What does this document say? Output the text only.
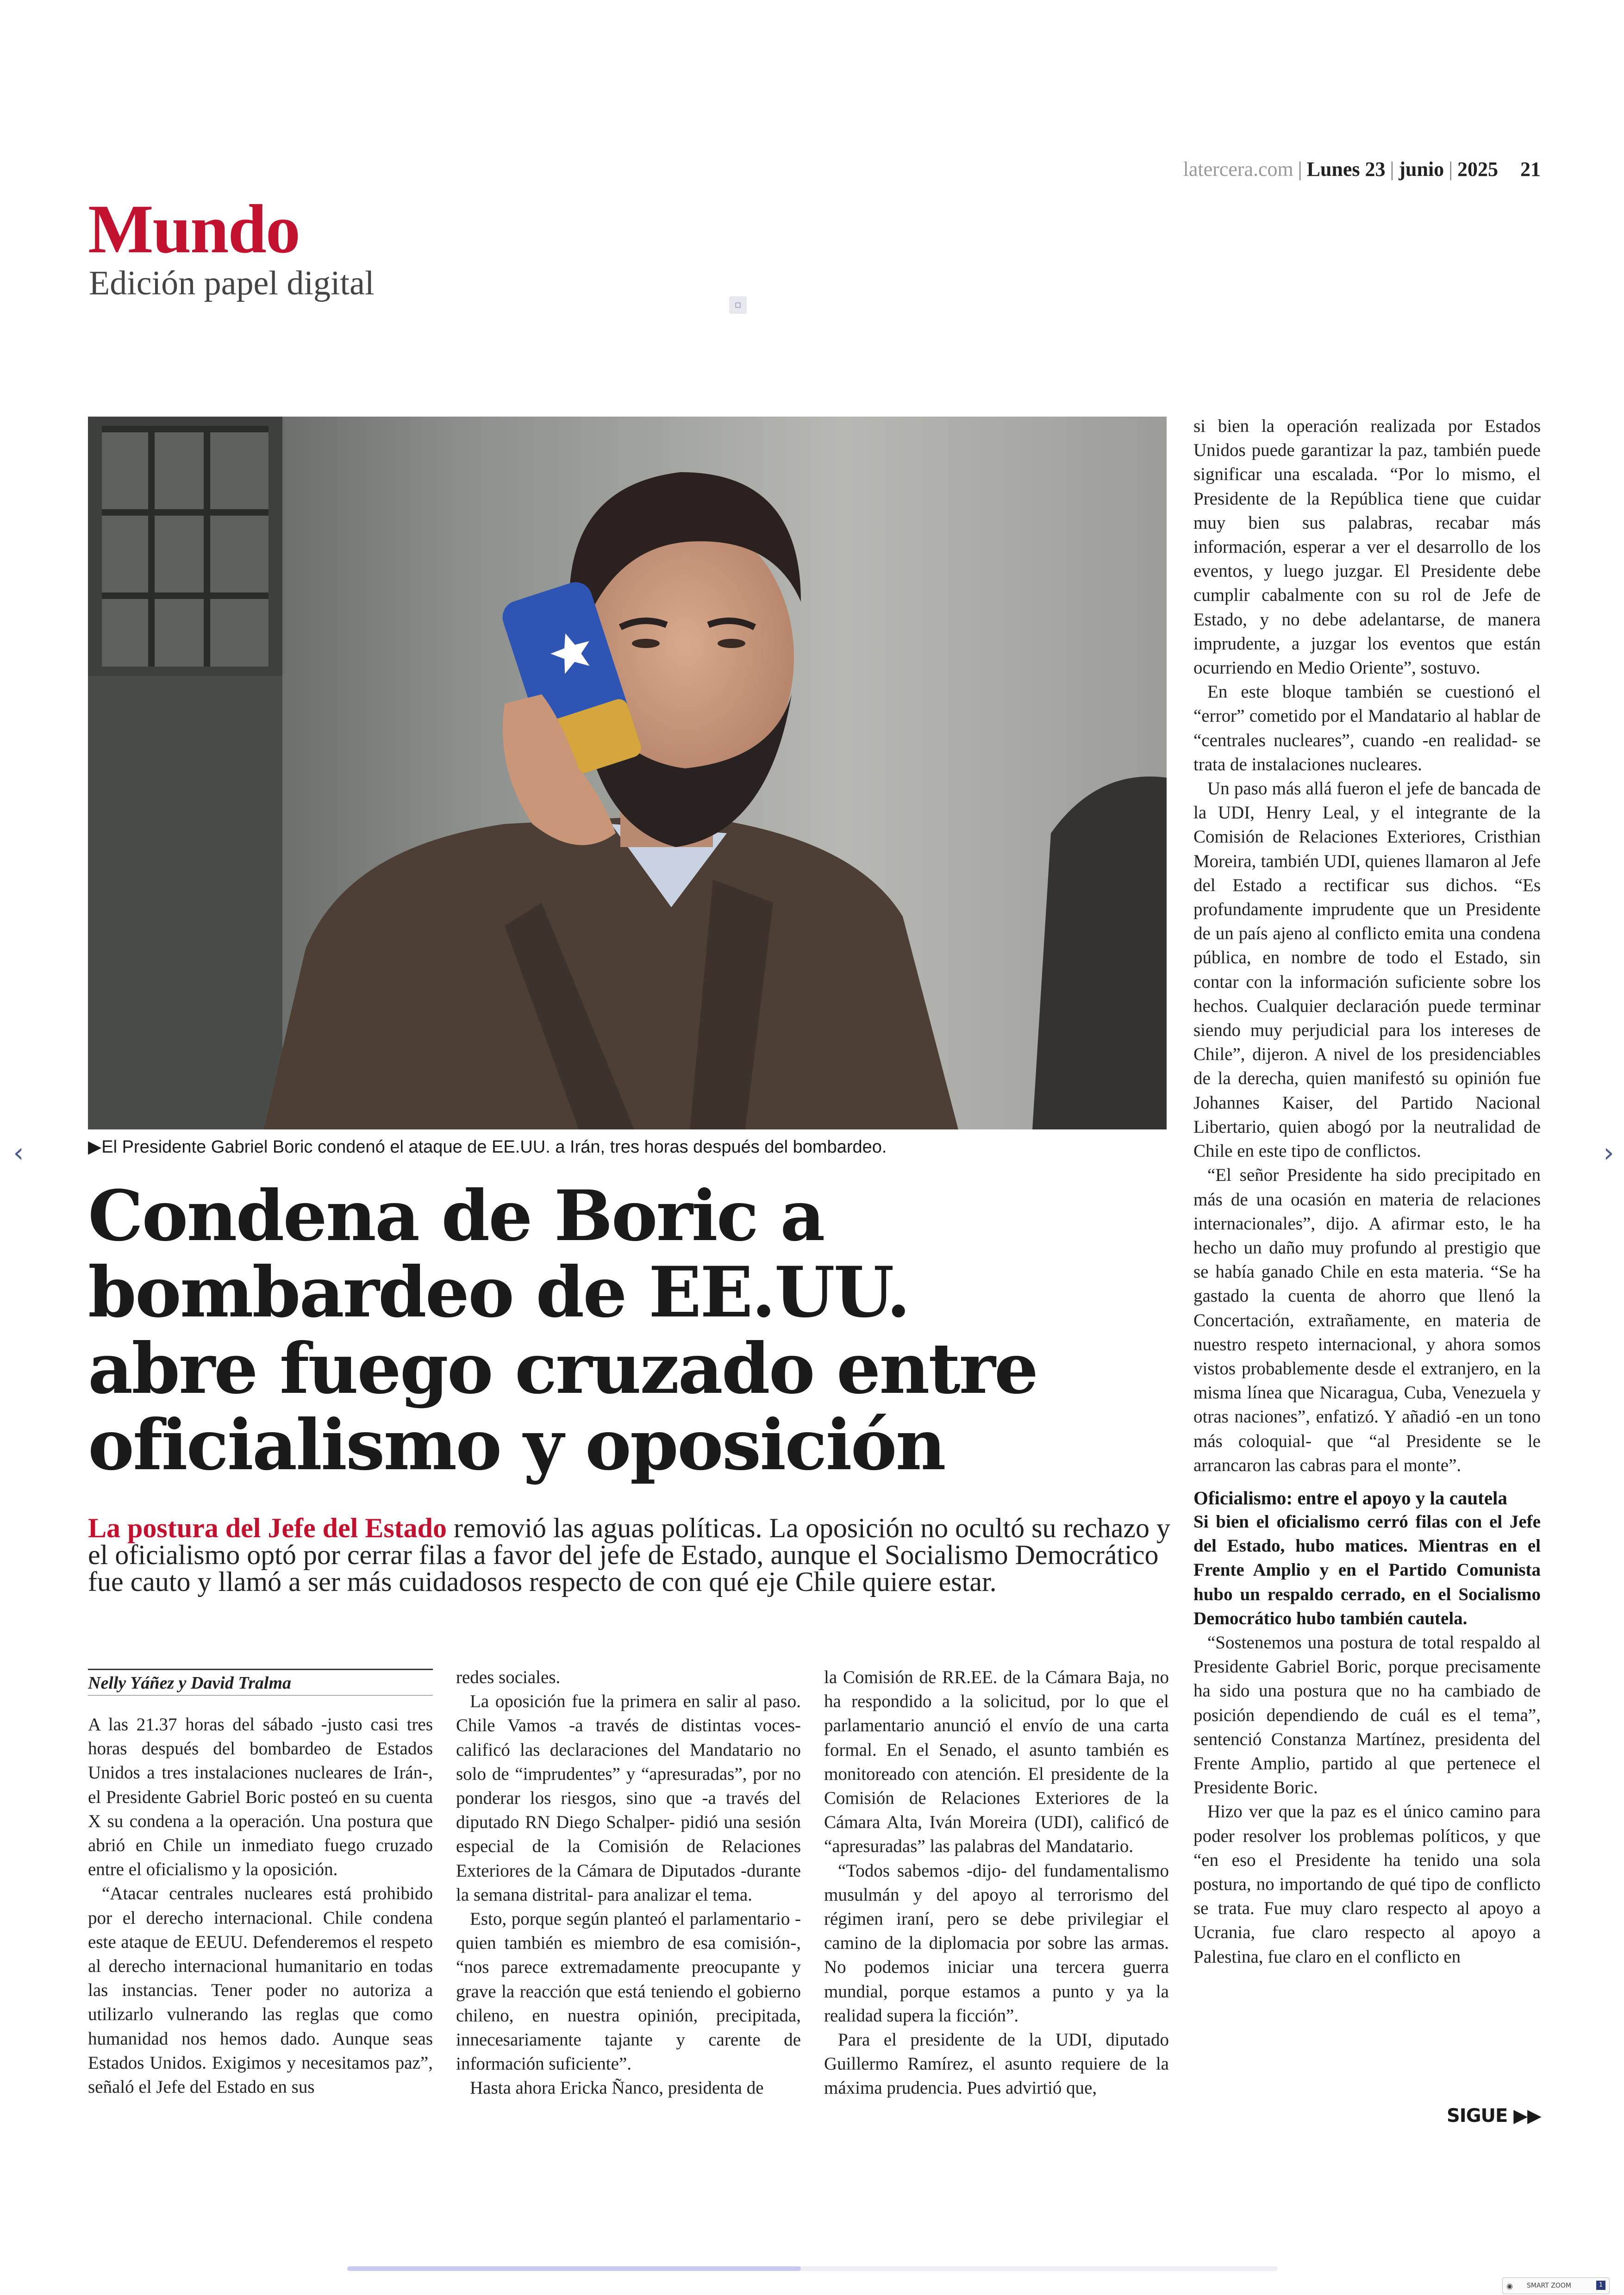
latercera.com | Lunes 23 | junio | 2025 21
Mundo
Edición papel digital
▫
▶El Presidente Gabriel Boric condenó el ataque de EE.UU. a Irán, tres horas después del bombardeo.
‹	›
Condena de Boric a
bombardeo de EE.UU.
abre fuego cruzado entre
oficialismo y oposición
La postura del Jefe del Estado removió las aguas políticas. La oposición no ocultó su rechazo y el oficialismo optó por cerrar filas a favor del jefe de Estado, aunque el Socialismo Democrático fue cauto y llamó a ser más cuidadosos respecto de con qué eje Chile quiere estar.
Nelly Yáñez y David Tralma

A las 21.37 horas del sábado -justo casi tres horas después del bombardeo de Estados Unidos a tres instalaciones nucleares de Irán-, el Presidente Gabriel Boric posteó en su cuenta X su condena a la operación. Una postura que abrió en Chile un inmediato fuego cruzado entre el oficialismo y la oposición.

“Atacar centrales nucleares está prohibido por el derecho internacional. Chile condena este ataque de EEUU. Defenderemos el respeto al derecho internacional humanitario en todas las instancias. Tener poder no autoriza a utilizarlo vulnerando las reglas que como humanidad nos hemos dado. Aunque seas Estados Unidos. Exigimos y necesitamos paz”, señaló el Jefe del Estado en sus

redes sociales.

La oposición fue la primera en salir al paso. Chile Vamos -a través de distintas voces- calificó las declaraciones del Mandatario no solo de “imprudentes” y “apresuradas”, por no ponderar los riesgos, sino que -a través del diputado RN Diego Schalper- pidió una sesión especial de la Comisión de Relaciones Exteriores de la Cámara de Diputados -durante la semana distrital- para analizar el tema.

Esto, porque según planteó el parlamentario -quien también es miembro de esa comisión-, “nos parece extremadamente preocupante y grave la reacción que está teniendo el gobierno chileno, en nuestra opinión, precipitada, innecesariamente tajante y carente de información suficiente”.

Hasta ahora Ericka Ñanco, presidenta de

la Comisión de RR.EE. de la Cámara Baja, no ha respondido a la solicitud, por lo que el parlamentario anunció el envío de una carta formal. En el Senado, el asunto también es monitoreado con atención. El presidente de la Comisión de Relaciones Exteriores de la Cámara Alta, Iván Moreira (UDI), calificó de “apresuradas” las palabras del Mandatario.

“Todos sabemos -dijo- del fundamentalismo musulmán y del apoyo al terrorismo del régimen iraní, pero se debe privilegiar el camino de la diplomacia por sobre las armas. No podemos iniciar una tercera guerra mundial, porque estamos a punto y ya la realidad supera la ficción”.

Para el presidente de la UDI, diputado Guillermo Ramírez, el asunto requiere de la máxima prudencia. Pues advirtió que,

si bien la operación realizada por Estados Unidos puede garantizar la paz, también puede significar una escalada. “Por lo mismo, el Presidente de la República tiene que cuidar muy bien sus palabras, recabar más información, esperar a ver el desarrollo de los eventos, y luego juzgar. El Presidente debe cumplir cabalmente con su rol de Jefe de Estado, y no debe adelantarse, de manera imprudente, a juzgar los eventos que están ocurriendo en Medio Oriente”, sostuvo.

En este bloque también se cuestionó el “error” cometido por el Mandatario al hablar de “centrales nucleares”, cuando -en realidad- se trata de instalaciones nucleares.

Un paso más allá fueron el jefe de bancada de la UDI, Henry Leal, y el integrante de la Comisión de Relaciones Exteriores, Cristhian Moreira, también UDI, quienes llamaron al Jefe del Estado a rectificar sus dichos. “Es profundamente imprudente que un Presidente de un país ajeno al conflicto emita una condena pública, en nombre de todo el Estado, sin contar con la información suficiente sobre los hechos. Cualquier declaración puede terminar siendo muy perjudicial para los intereses de Chile”, dijeron. A nivel de los presidenciables de la derecha, quien manifestó su opinión fue Johannes Kaiser, del Partido Nacional Libertario, quien abogó por la neutralidad de Chile en este tipo de conflictos.

“El señor Presidente ha sido precipitado en más de una ocasión en materia de relaciones internacionales”, dijo. A afirmar esto, le ha hecho un daño muy profundo al prestigio que se había ganado Chile en esta materia. “Se ha gastado la cuenta de ahorro que llenó la Concertación, extrañamente, en materia de nuestro respeto internacional, y ahora somos vistos probablemente desde el extranjero, en la misma línea que Nicaragua, Cuba, Venezuela y otras naciones”, enfatizó. Y añadió -en un tono más coloquial- que “al Presidente se le arrancaron las cabras para el monte”.

Oficialismo: entre el apoyo y la cautela
Si bien el oficialismo cerró filas con el Jefe del Estado, hubo matices. Mientras en el Frente Amplio y en el Partido Comunista hubo un respaldo cerrado, en el Socialismo Democrático hubo también cautela.

“Sostenemos una postura de total respaldo al Presidente Gabriel Boric, porque precisamente ha sido una postura que no ha cambiado de posición dependiendo de cuál es el tema”, sentenció Constanza Martínez, presidenta del Frente Amplio, partido al que pertenece el Presidente Boric.

Hizo ver que la paz es el único camino para poder resolver los problemas políticos, y que “en eso el Presidente ha tenido una sola postura, no importando de qué tipo de conflicto se trata. Fue muy claro respecto al apoyo a Ucrania, fue claro respecto al apoyo a Palestina, fue claro en el conflicto en

SIGUE ▶▶
◉ SMART ZOOM	1
